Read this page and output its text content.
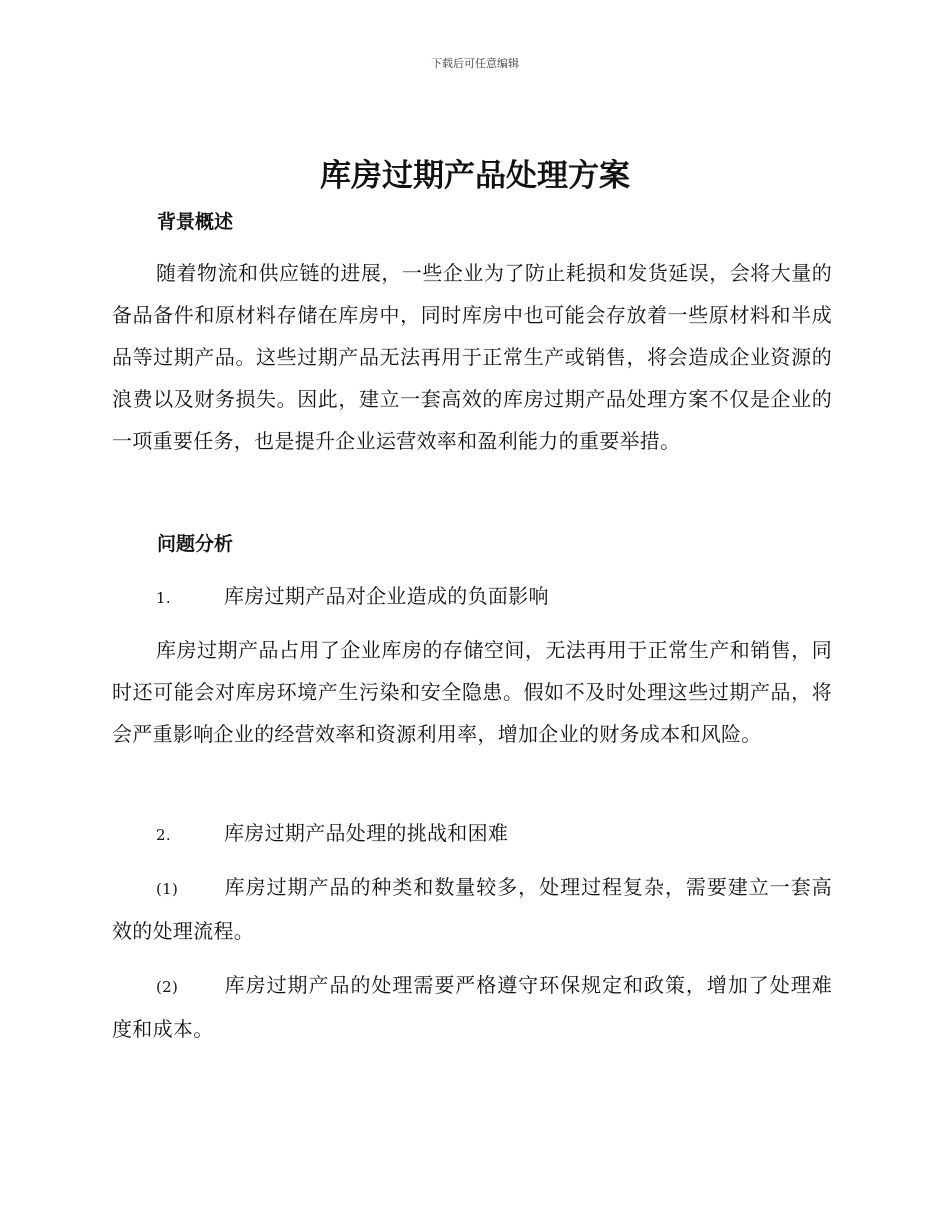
下载后可任意编辑
库房过期产品处理方案
背景概述
随着物流和供应链的进展，一些企业为了防止耗损和发货延误，会将大量的备品备件和原材料存储在库房中，同时库房中也可能会存放着一些原材料和半成品等过期产品。这些过期产品无法再用于正常生产或销售，将会造成企业资源的浪费以及财务损失。因此，建立一套高效的库房过期产品处理方案不仅是企业的一项重要任务，也是提升企业运营效率和盈利能力的重要举措。
问题分析
1.	库房过期产品对企业造成的负面影响
库房过期产品占用了企业库房的存储空间，无法再用于正常生产和销售，同时还可能会对库房环境产生污染和安全隐患。假如不及时处理这些过期产品，将会严重影响企业的经营效率和资源利用率，增加企业的财务成本和风险。
2.	库房过期产品处理的挑战和困难
(1) 库房过期产品的种类和数量较多，处理过程复杂，需要建立一套高效的处理流程。
(2) 库房过期产品的处理需要严格遵守环保规定和政策，增加了处理难度和成本。
